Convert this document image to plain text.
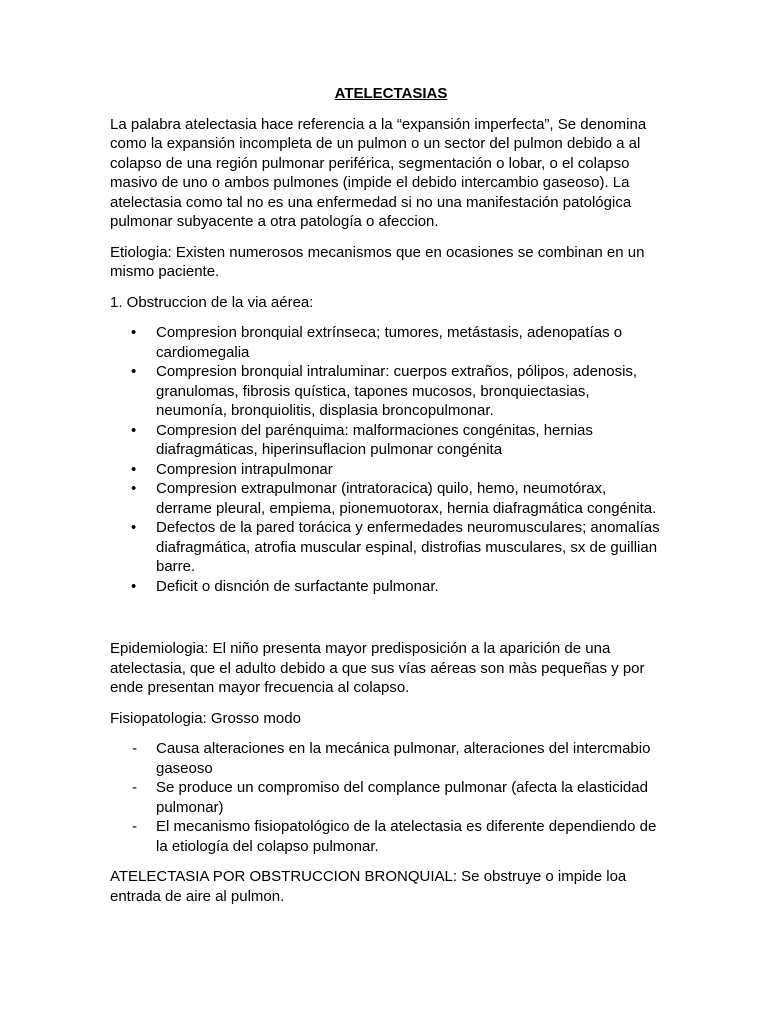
ATELECTASIAS

La palabra atelectasia hace referencia a la “expansión imperfecta”, Se denomina como la expansión incompleta de un pulmon o un sector del pulmon debido a al colapso de una región pulmonar periférica, segmentación o lobar, o el colapso masivo de uno o ambos pulmones (impide el debido intercambio gaseoso). La atelectasia como tal no es una enfermedad si no una manifestación patológica pulmonar subyacente a otra patología o afeccion.

Etiologia: Existen numerosos mecanismos que en ocasiones se combinan en un mismo paciente.

1. Obstruccion de la via aérea:

• Compresion bronquial extrínseca; tumores, metástasis, adenopatías o cardiomegalia
• Compresion bronquial intraluminar: cuerpos extraños, pólipos, adenosis, granulomas, fibrosis quística, tapones mucosos, bronquiectasias, neumonía, bronquiolitis, displasia broncopulmonar.
• Compresion del parénquima: malformaciones congénitas, hernias diafragmáticas, hiperinsuflacion pulmonar congénita
• Compresion intrapulmonar
• Compresion extrapulmonar (intratoracica) quilo, hemo, neumotórax, derrame pleural, empiema, pionemuotorax, hernia diafragmática congénita.
• Defectos de la pared torácica y enfermedades neuromusculares; anomalías diafragmática, atrofia muscular espinal, distrofias musculares, sx de guillian barre.
• Deficit o disnción de surfactante pulmonar.

Epidemiologia: El niño presenta mayor predisposición a la aparición de una atelectasia, que el adulto debido a que sus vías aéreas son màs pequeñas y por ende presentan mayor frecuencia al colapso.

Fisiopatologia: Grosso modo

- Causa alteraciones en la mecánica pulmonar, alteraciones del intercmabio gaseoso
- Se produce un compromiso del complance pulmonar (afecta la elasticidad pulmonar)
- El mecanismo fisiopatológico de la atelectasia es diferente dependiendo de la etiología del colapso pulmonar.

ATELECTASIA POR OBSTRUCCION BRONQUIAL: Se obstruye o impide loa entrada de aire al pulmon.
